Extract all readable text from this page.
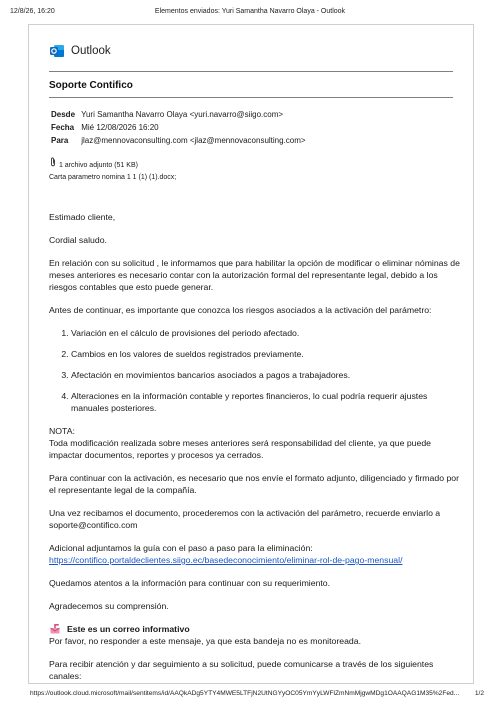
12/8/26, 16:20	Elementos enviados: Yuri Samantha Navarro Olaya - Outlook
Outlook
Soporte Contifico
Desde Yuri Samantha Navarro Olaya <yuri.navarro@siigo.com>
Fecha Mié 12/08/2026 16:20
Para jlaz@mennovaconsulting.com <jlaz@mennovaconsulting.com>
1 archivo adjunto (51 KB)
Carta parametro nomina 1 1 (1) (1).docx;

Estimado cliente,

Cordial saludo.

En relación con su solicitud , le informamos que para habilitar la opción de modificar o eliminar nóminas de meses anteriores es necesario contar con la autorización formal del representante legal, debido a los riesgos contables que esto puede generar.

Antes de continuar, es importante que conozca los riesgos asociados a la activación del parámetro:

1. Variación en el cálculo de provisiones del periodo afectado.
2. Cambios en los valores de sueldos registrados previamente.
3. Afectación en movimientos bancarios asociados a pagos a trabajadores.
4. Alteraciones en la información contable y reportes financieros, lo cual podría requerir ajustes manuales posteriores.

NOTA:
Toda modificación realizada sobre meses anteriores será responsabilidad del cliente, ya que puede impactar documentos, reportes y procesos ya cerrados.

Para continuar con la activación, es necesario que nos envíe el formato adjunto, diligenciado y firmado por el representante legal de la compañía.

Una vez recibamos el documento, procederemos con la activación del parámetro, recuerde enviarlo a soporte@contifico.com

Adicional adjuntamos la guía con el paso a paso para la eliminación:
https://contifico.portaldeclientes.siigo.ec/basedeconocimiento/eliminar-rol-de-pago-mensual/

Quedamos atentos a la información para continuar con su requerimiento.

Agradecemos su comprensión.

Este es un correo informativo
Por favor, no responder a este mensaje, ya que esta bandeja no es monitoreada.

Para recibir atención y dar seguimiento a su solicitud, puede comunicarse a través de los siguientes canales:

https://outlook.cloud.microsoft/mail/sentitems/id/AAQkADg5YTY4MWE5LTFjN2UtNGYyOC05YmYyLWFlZmNmMjgwMDg1OAAQAG1M35%2Fed... 1/2
